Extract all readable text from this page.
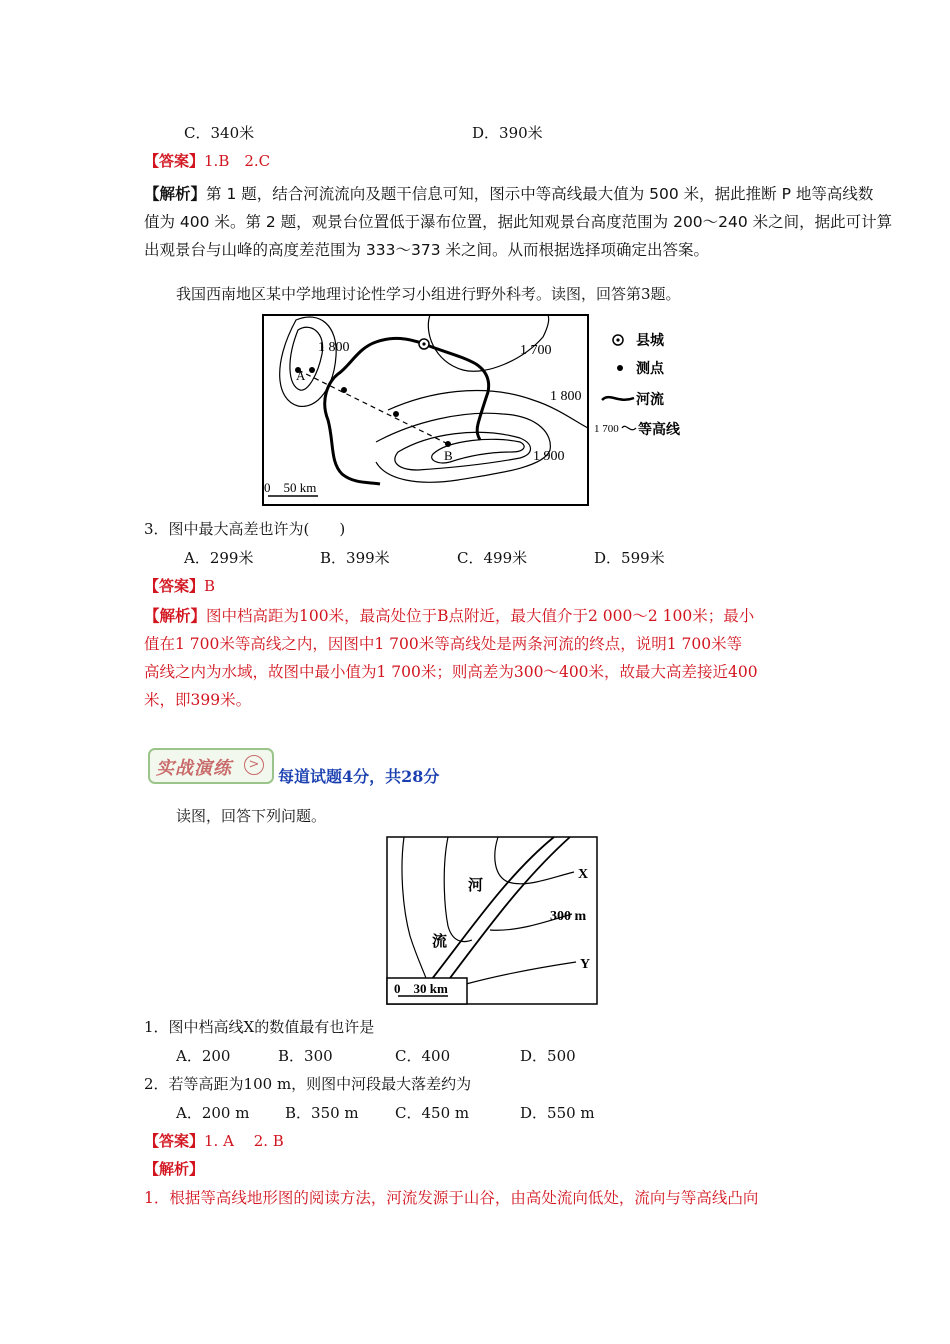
C．340米	D．390米
【答案】1.B　2.C
【解析】第 1 题，结合河流流向及题干信息可知，图示中等高线最大值为 500 米，据此推断 P 地等高线数
值为 400 米。第 2 题，观景台位置低于瀑布位置，据此知观景台高度范围为 200～240 米之间，据此可计算
出观景台与山峰的高度差范围为 333～373 米之间。从而根据选择项确定出答案。
我国西南地区某中学地理讨论性学习小组进行野外科考。读图，回答第3题。
A
B
1 800	1 700
1 800
1 900
0　50 km
县城
测点
河流
1 700 等高线
3．图中最大高差也许为(　　)
A．299米	B．399米	C．499米	D．599米
【答案】B
【解析】图中档高距为100米，最高处位于B点附近，最大值介于2 000～2 100米；最小
值在1 700米等高线之内，因图中1 700米等高线处是两条河流的终点，说明1 700米等
高线之内为水域，故图中最小值为1 700米；则高差为300～400米，故最大高差接近400
米，即399米。
实战演练	>
每道试题4分，共28分
读图，回答下列问题。
河
流
X
300 m
Y
0　30 km
1．图中档高线X的数值最有也许是
A．200	B．300	C．400	D．500
2．若等高距为100 m，则图中河段最大落差约为
A．200 m B．350 m C．450 m	D．550 m
【答案】1. A　 2. B
【解析】
1．根据等高线地形图的阅读方法，河流发源于山谷，由高处流向低处，流向与等高线凸向
